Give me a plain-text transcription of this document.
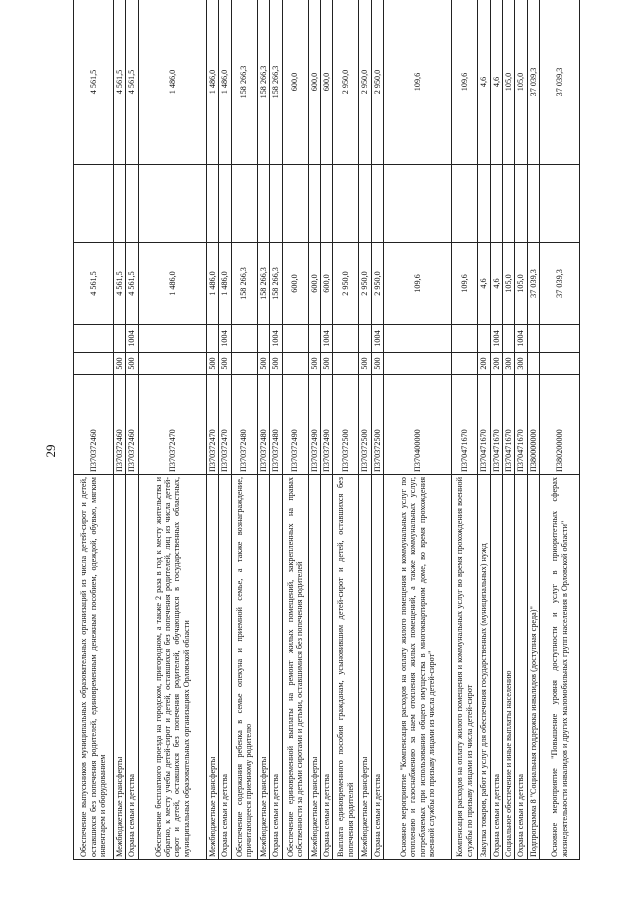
29
Обеспечение выпускников муниципальных образовательных организаций из числа детей-сирот и детей, оставшихся без попечения родителей, единовременным денежным пособием, одеждой, обувью, мягким инвентарем и оборудованием	П370372460			4 561,5		4 561,5
Межбюджетные трансферты	П370372460	500		4 561,5		4 561,5
Охрана семьи и детства	П370372460	500	1004	4 561,5		4 561,5
Обеспечение бесплатного проезда на городском, пригородном, а также 2 раза в год к месту жительства и обратно, к месту учебы детей-сирот и детей, оставшихся без попечения родителей, лиц из числа детей-сирот и детей, оставшихся без попечения родителей, обучающихся в государственных областных, муниципальных образовательных организациях Орловской области	П370372470			1 486,0		1 486,0
Межбюджетные трансферты	П370372470	500		1 486,0		1 486,0
Охрана семьи и детства	П370372470	500	1004	1 486,0		1 486,0
Обеспечение содержания ребенка в семье опекуна и приемной семье, а также вознаграждение, причитающееся приемному родителю	П370372480			158 266,3		158 266,3
Межбюджетные трансферты	П370372480	500		158 266,3		158 266,3
Охрана семьи и детства	П370372480	500	1004	158 266,3		158 266,3
Обеспечение единовременной выплаты на ремонт жилых помещений, закрепленных на правах собственности за детьми сиротами и детьми, оставшимися без попечения родителей	П370372490			600,0		600,0
Межбюджетные трансферты	П370372490	500		600,0		600,0
Охрана семьи и детства	П370372490	500	1004	600,0		600,0
Выплата единовременного пособия гражданам, усыновившим детей-сирот и детей, оставшихся без попечения родителей	П370372500			2 950,0		2 950,0
Межбюджетные трансферты	П370372500	500		2 950,0		2 950,0
Охрана семьи и детства	П370372500	500	1004	2 950,0		2 950,0
Основное мероприятие "Компенсация расходов на оплату жилого помещения и коммунальных услуг по отоплению и газоснабжению за наем отопления жилых помещений, а также коммунальных услуг, потребляемых при использовании общего имущества в многоквартирном доме, во время прохождения военной службы по призыву лицами из числа детей-сирот"	П370400000			109,6		109,6
Компенсация расходов на оплату жилого помещения и коммунальных услуг во время прохождения военной службы по призыву лицами из числа детей-сирот	П370471670			109,6		109,6
Закупка товаров, работ и услуг для обеспечения государственных (муниципальных) нужд	П370471670	200		4,6		4,6
Охрана семьи и детства	П370471670	200	1004	4,6		4,6
Социальное обеспечение и иные выплаты населению	П370471670	300		105,0		105,0
Охрана семьи и детства	П370471670	300	1004	105,0		105,0
Подпрограмма 8 "Социальная поддержка инвалидов (доступная среда)"	П380000000			37 039,3		37 039,3
Основное мероприятие "Повышение уровня доступности и услуг в приоритетных сферах жизнедеятельности инвалидов и других маломобильных групп населения в Орловской области"	П380200000			37 039,3		37 039,3
